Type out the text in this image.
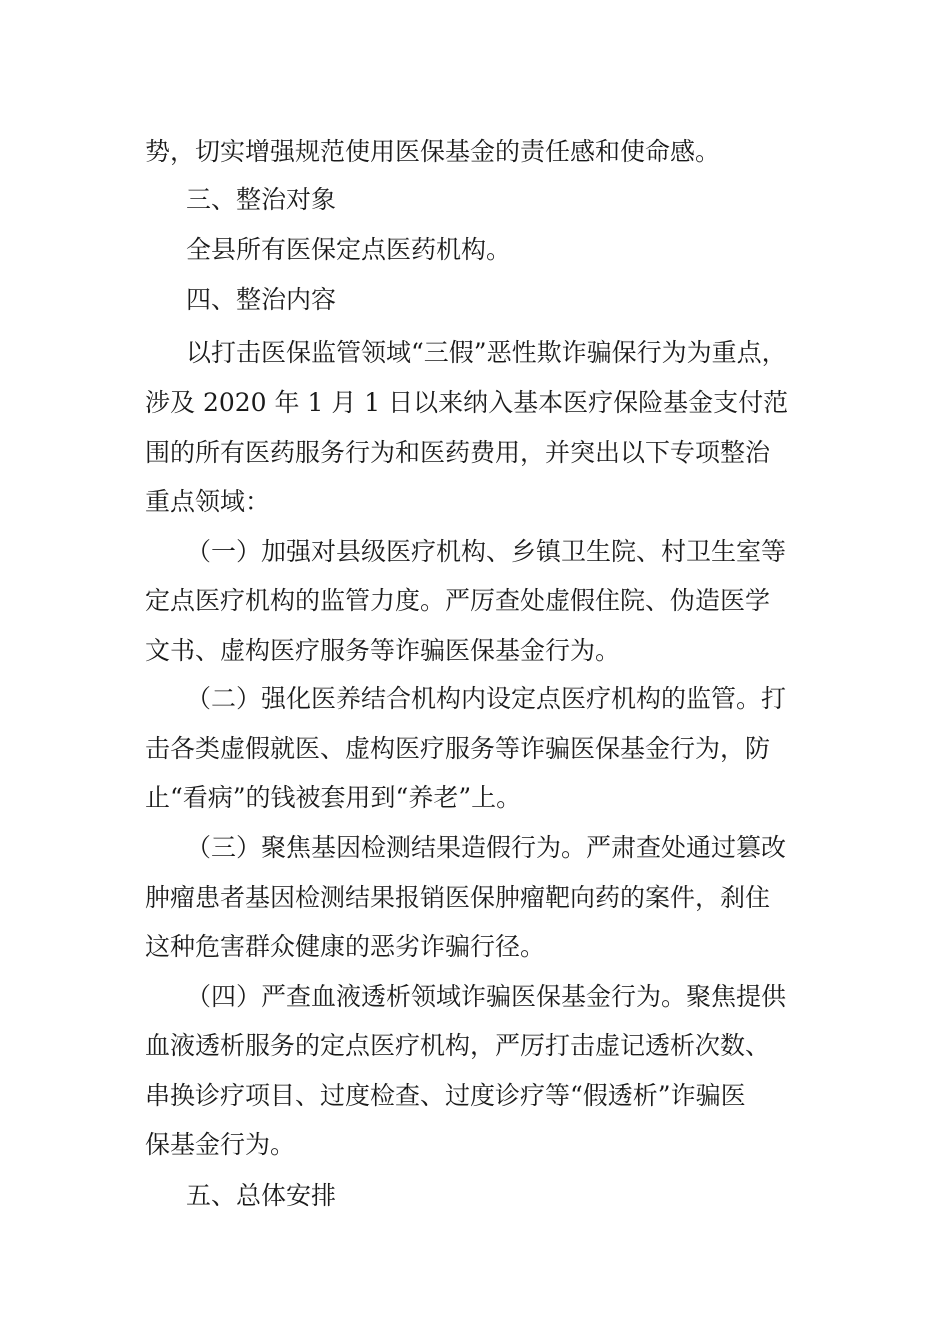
势，切实增强规范使用医保基金的责任感和使命感。
三、整治对象
全县所有医保定点医药机构。
四、整治内容
以打击医保监管领域“三假”恶性欺诈骗保行为为重点，
涉及 2020 年 1 月 1 日以来纳入基本医疗保险基金支付范
围的所有医药服务行为和医药费用，并突出以下专项整治
重点领域：
（一）加强对县级医疗机构、乡镇卫生院、村卫生室等
定点医疗机构的监管力度。严厉查处虚假住院、伪造医学
文书、虚构医疗服务等诈骗医保基金行为。
（二）强化医养结合机构内设定点医疗机构的监管。打
击各类虚假就医、虚构医疗服务等诈骗医保基金行为，防
止“看病”的钱被套用到“养老”上。
（三）聚焦基因检测结果造假行为。严肃查处通过篡改
肿瘤患者基因检测结果报销医保肿瘤靶向药的案件，刹住
这种危害群众健康的恶劣诈骗行径。
（四）严查血液透析领域诈骗医保基金行为。聚焦提供
血液透析服务的定点医疗机构，严厉打击虚记透析次数、
串换诊疗项目、过度检查、过度诊疗等“假透析”诈骗医
保基金行为。
五、总体安排
